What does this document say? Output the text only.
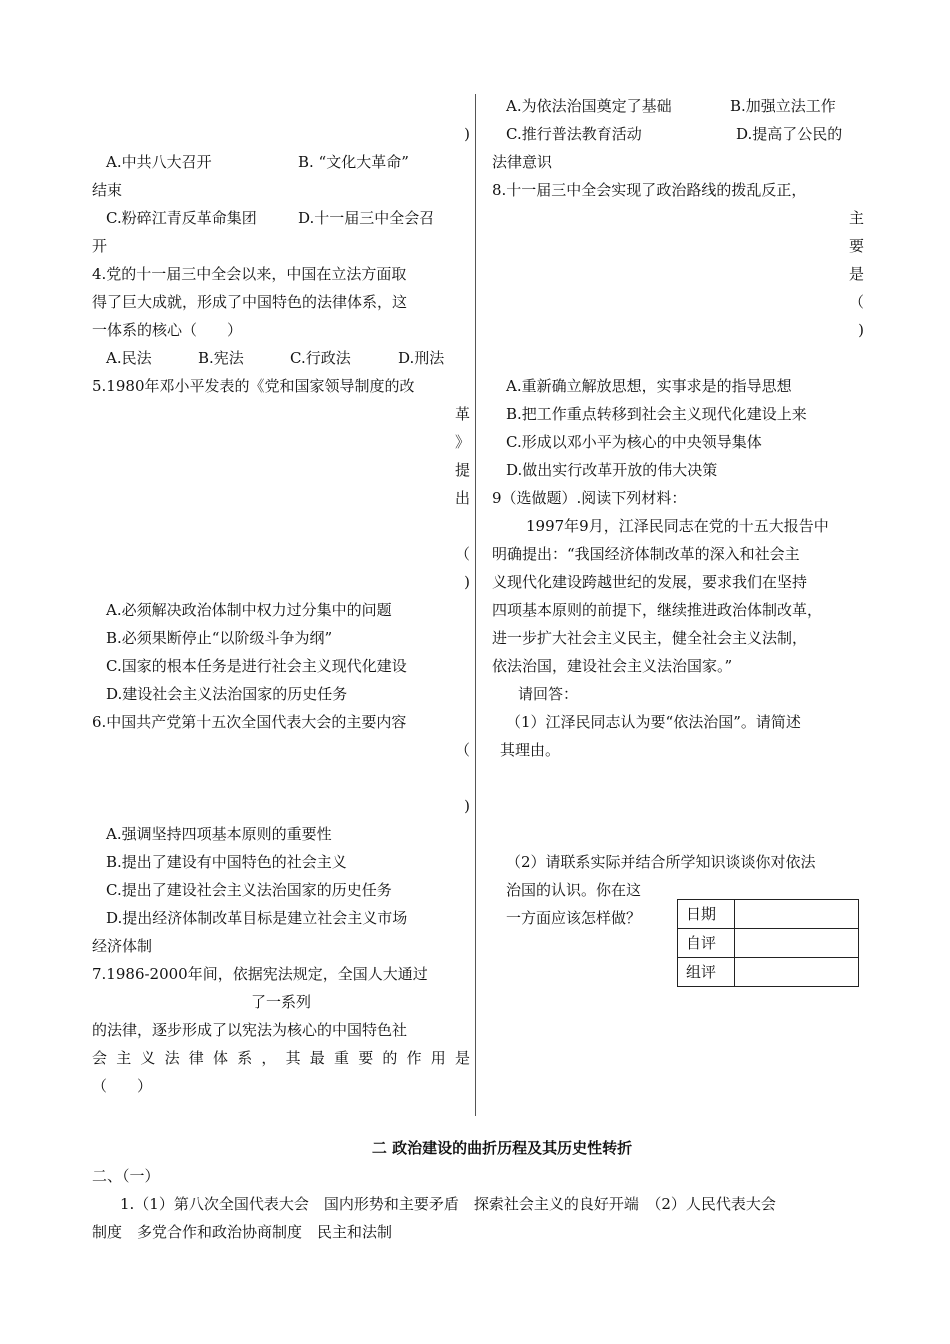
)
A.中共八大召开	B. “文化大革命”
结束
C.粉碎江青反革命集团	D.十一届三中全会召
开
4.党的十一届三中全会以来，中国在立法方面取
得了巨大成就，形成了中国特色的法律体系，这
一体系的核心（　　）
A.民法	B.宪法	C.行政法	D.刑法
5.1980年邓小平发表的《党和国家领导制度的改
革
》
提
出
（
)
A.必须解决政治体制中权力过分集中的问题
B.必须果断停止“以阶级斗争为纲”
C.国家的根本任务是进行社会主义现代化建设
D.建设社会主义法治国家的历史任务
6.中国共产党第十五次全国代表大会的主要内容
（
)
A.强调坚持四项基本原则的重要性
B.提出了建设有中国特色的社会主义
C.提出了建设社会主义法治国家的历史任务
D.提出经济体制改革目标是建立社会主义市场
经济体制
7.1986-2000年间，依据宪法规定，全国人大通过
了一系列
的法律，逐步形成了以宪法为核心的中国特色社
会主义法律体系，其最重要的作用是
（　　）
A.为依法治国奠定了基础	B.加强立法工作
C.推行普法教育活动	D.提高了公民的
法律意识
8.十一届三中全会实现了政治路线的拨乱反正，
主
要
是
（
)
A.重新确立解放思想，实事求是的指导思想
B.把工作重点转移到社会主义现代化建设上来
C.形成以邓小平为核心的中央领导集体
D.做出实行改革开放的伟大决策
9（选做题）.阅读下列材料：
1997年9月，江泽民同志在党的十五大报告中
明确提出：“我国经济体制改革的深入和社会主
义现代化建设跨越世纪的发展，要求我们在坚持
四项基本原则的前提下，继续推进政治体制改革，
进一步扩大社会主义民主，健全社会主义法制，
依法治国，建设社会主义法治国家。”
请回答：
（1）江泽民同志认为要“依法治国”。请简述
其理由。
（2）请联系实际并结合所学知识谈谈你对依法
治国的认识。你在这
一方面应该怎样做？	日期	
自评	
组评	
二 政治建设的曲折历程及其历史性转折
二、（一）
1.（1）第八次全国代表大会　国内形势和主要矛盾　探索社会主义的良好开端　（2）人民代表大会
制度　多党合作和政治协商制度　民主和法制
